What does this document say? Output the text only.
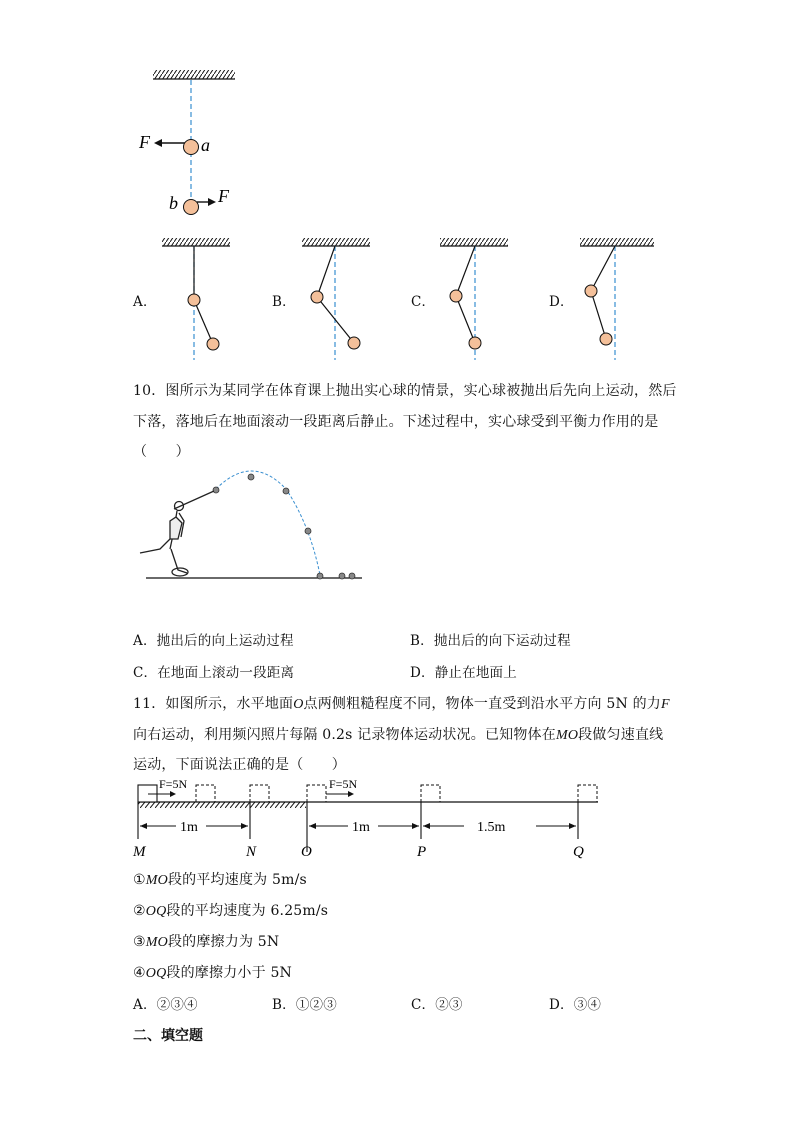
F	a
b F
A．	B．	C．	D．
10．图所示为某同学在体育课上抛出实心球的情景，实心球被抛出后先向上运动，然后
下落，落地后在地面滚动一段距离后静止。下述过程中，实心球受到平衡力作用的是
（　　）
A．抛出后的向上运动过程	B．抛出后的向下运动过程
C．在地面上滚动一段距离	D．静止在地面上
11．如图所示，水平地面O点两侧粗糙程度不同，物体一直受到沿水平方向 5N 的力F
向右运动，利用频闪照片每隔 0.2s 记录物体运动状况。已知物体在MO段做匀速直线
运动，下面说法正确的是（　　）
F=5N	F=5N
1m	1m	1.5m
M	N	O	P	Q
①MO段的平均速度为 5m/s
②OQ段的平均速度为 6.25m/s
③MO段的摩擦力为 5N
④OQ段的摩擦力小于 5N
A．②③④	B．①②③	C．②③	D．③④
二、填空题
